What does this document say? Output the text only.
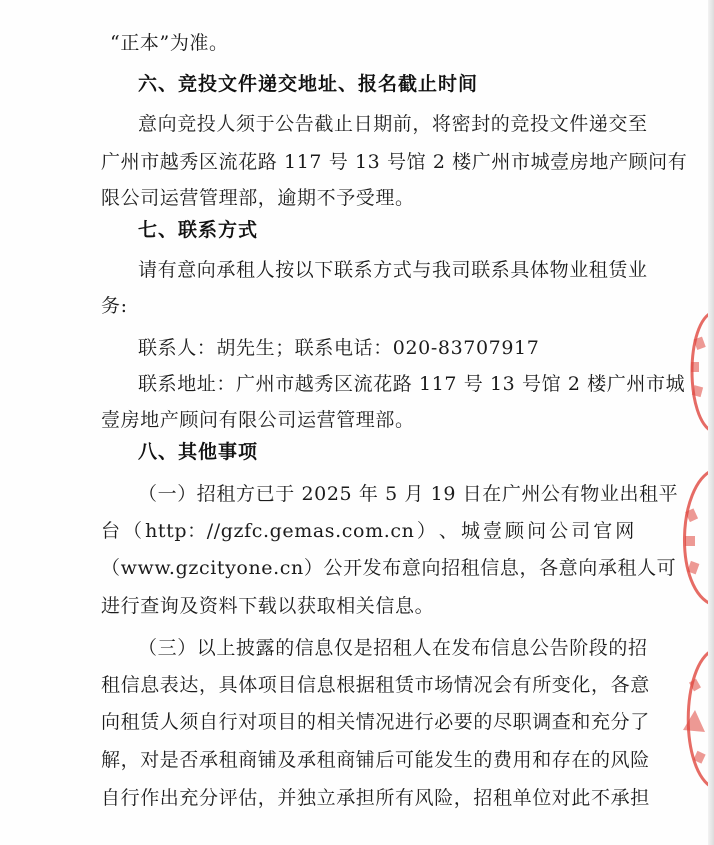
“正本”为准。
六、竞投文件递交地址、报名截止时间
意向竞投人须于公告截止日期前，将密封的竞投文件递交至
广州市越秀区流花路 117 号 13 号馆 2 楼广州市城壹房地产顾问有
限公司运营管理部，逾期不予受理。
七、联系方式
请有意向承租人按以下联系方式与我司联系具体物业租赁业
务:
联系人：胡先生；联系电话：020-83707917
联系地址：广州市越秀区流花路 117 号 13 号馆 2 楼广州市城
壹房地产顾问有限公司运营管理部。
八、其他事项
（一）招租方已于 2025 年 5 月 19 日在广州公有物业出租平
台 （ http：//gzfc.gemas.com.cn ） 、 城 壹 顾 问 公 司 官 网
（www.gzcityone.cn）公开发布意向招租信息，各意向承租人可
进行查询及资料下载以获取相关信息。
（三）以上披露的信息仅是招租人在发布信息公告阶段的招
租信息表达，具体项目信息根据租赁市场情况会有所变化，各意
向租赁人须自行对项目的相关情况进行必要的尽职调查和充分了
解，对是否承租商铺及承租商铺后可能发生的费用和存在的风险
自行作出充分评估，并独立承担所有风险，招租单位对此不承担
